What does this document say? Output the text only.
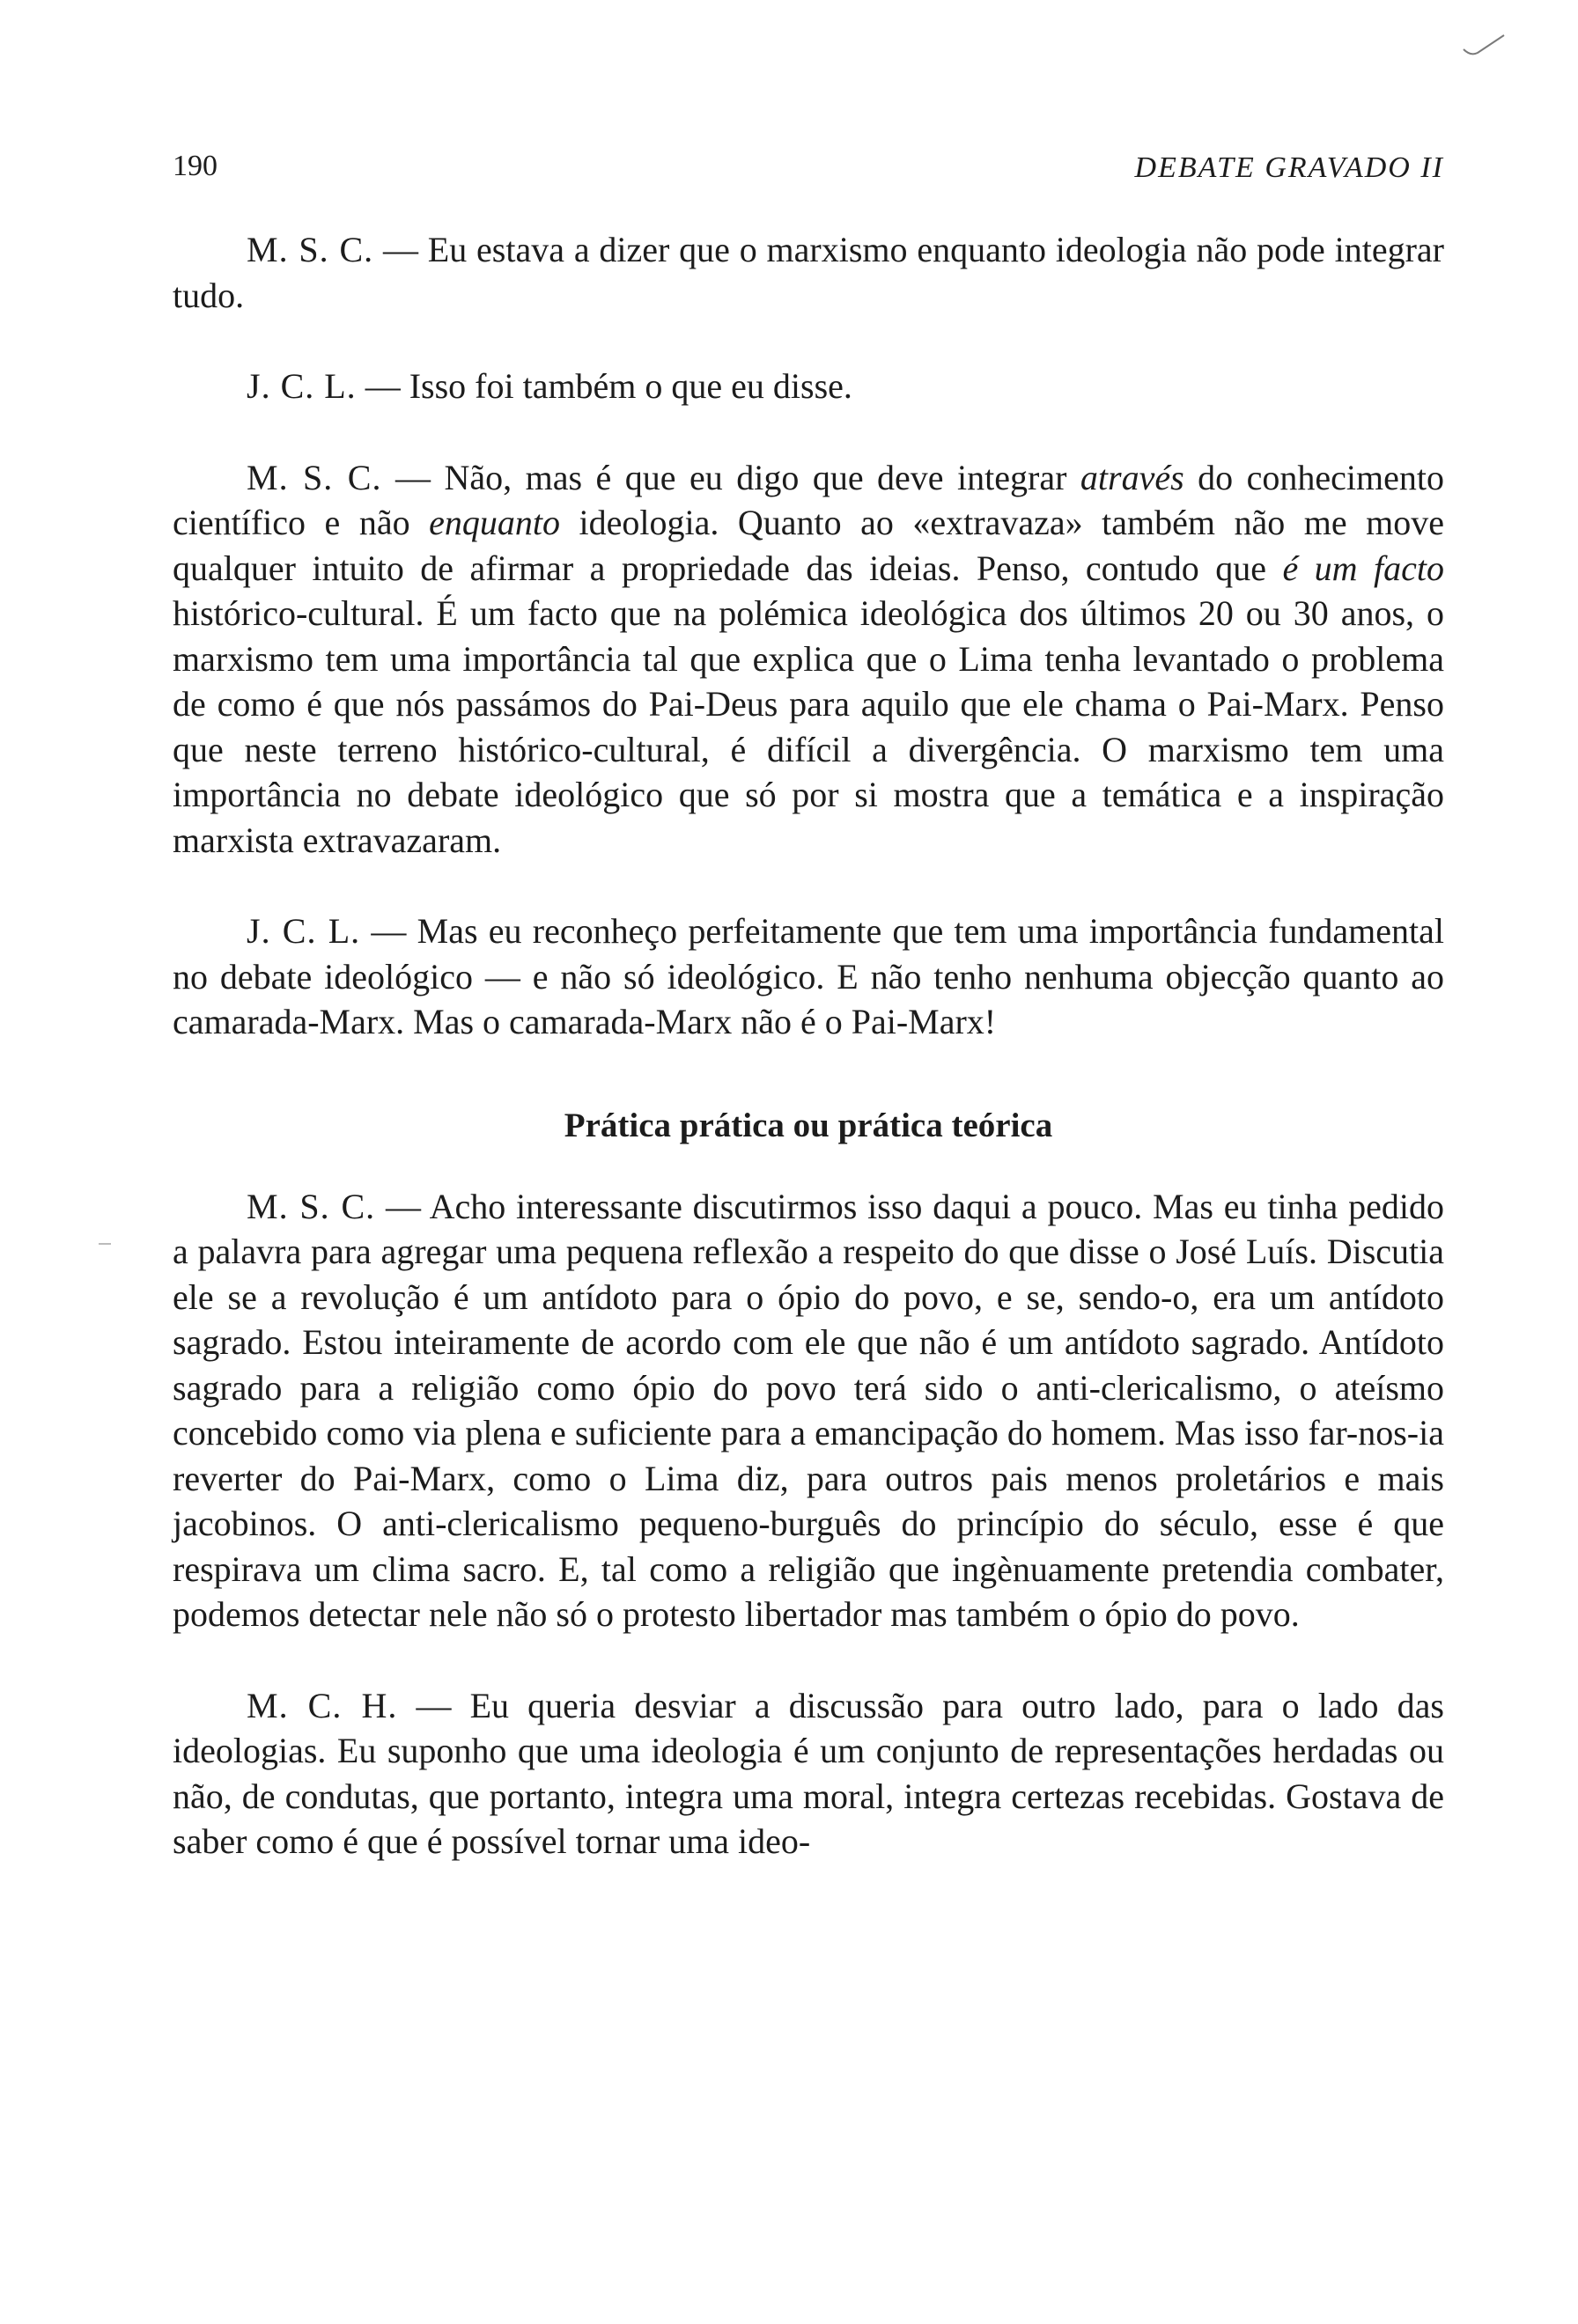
190	DEBATE GRAVADO II

M. S. C. — Eu estava a dizer que o marxismo enquanto ideologia não pode integrar tudo.

J. C. L. — Isso foi também o que eu disse.

M. S. C. — Não, mas é que eu digo que deve integrar através do conhecimento científico e não enquanto ideologia. Quanto ao «extravaza» também não me move qualquer intuito de afirmar a propriedade das ideias. Penso, contudo que é um facto histórico-cultural. É um facto que na polémica ideológica dos últimos 20 ou 30 anos, o marxismo tem uma importância tal que explica que o Lima tenha levantado o problema de como é que nós passámos do Pai-Deus para aquilo que ele chama o Pai-Marx. Penso que neste terreno histórico-cultural, é difícil a divergência. O marxismo tem uma importância no debate ideológico que só por si mostra que a temática e a inspiração marxista extravazaram.

J. C. L. — Mas eu reconheço perfeitamente que tem uma importância fundamental no debate ideológico — e não só ideológico. E não tenho nenhuma objecção quanto ao camarada-Marx. Mas o camarada-Marx não é o Pai-Marx!

Prática prática ou prática teórica

M. S. C. — Acho interessante discutirmos isso daqui a pouco. Mas eu tinha pedido a palavra para agregar uma pequena reflexão a respeito do que disse o José Luís. Discutia ele se a revolução é um antídoto para o ópio do povo, e se, sendo-o, era um antídoto sagrado. Estou inteiramente de acordo com ele que não é um antídoto sagrado. Antídoto sagrado para a religião como ópio do povo terá sido o anti-clericalismo, o ateísmo concebido como via plena e suficiente para a emancipação do homem. Mas isso far-nos-ia reverter do Pai-Marx, como o Lima diz, para outros pais menos proletários e mais jacobinos. O anti-clericalismo pequeno-burguês do princípio do século, esse é que respirava um clima sacro. E, tal como a religião que ingènuamente pretendia combater, podemos detectar nele não só o protesto libertador mas também o ópio do povo.

M. C. H. — Eu queria desviar a discussão para outro lado, para o lado das ideologias. Eu suponho que uma ideologia é um conjunto de representações herdadas ou não, de condutas, que portanto, integra uma moral, integra certezas recebidas. Gostava de saber como é que é possível tornar uma ideo-
